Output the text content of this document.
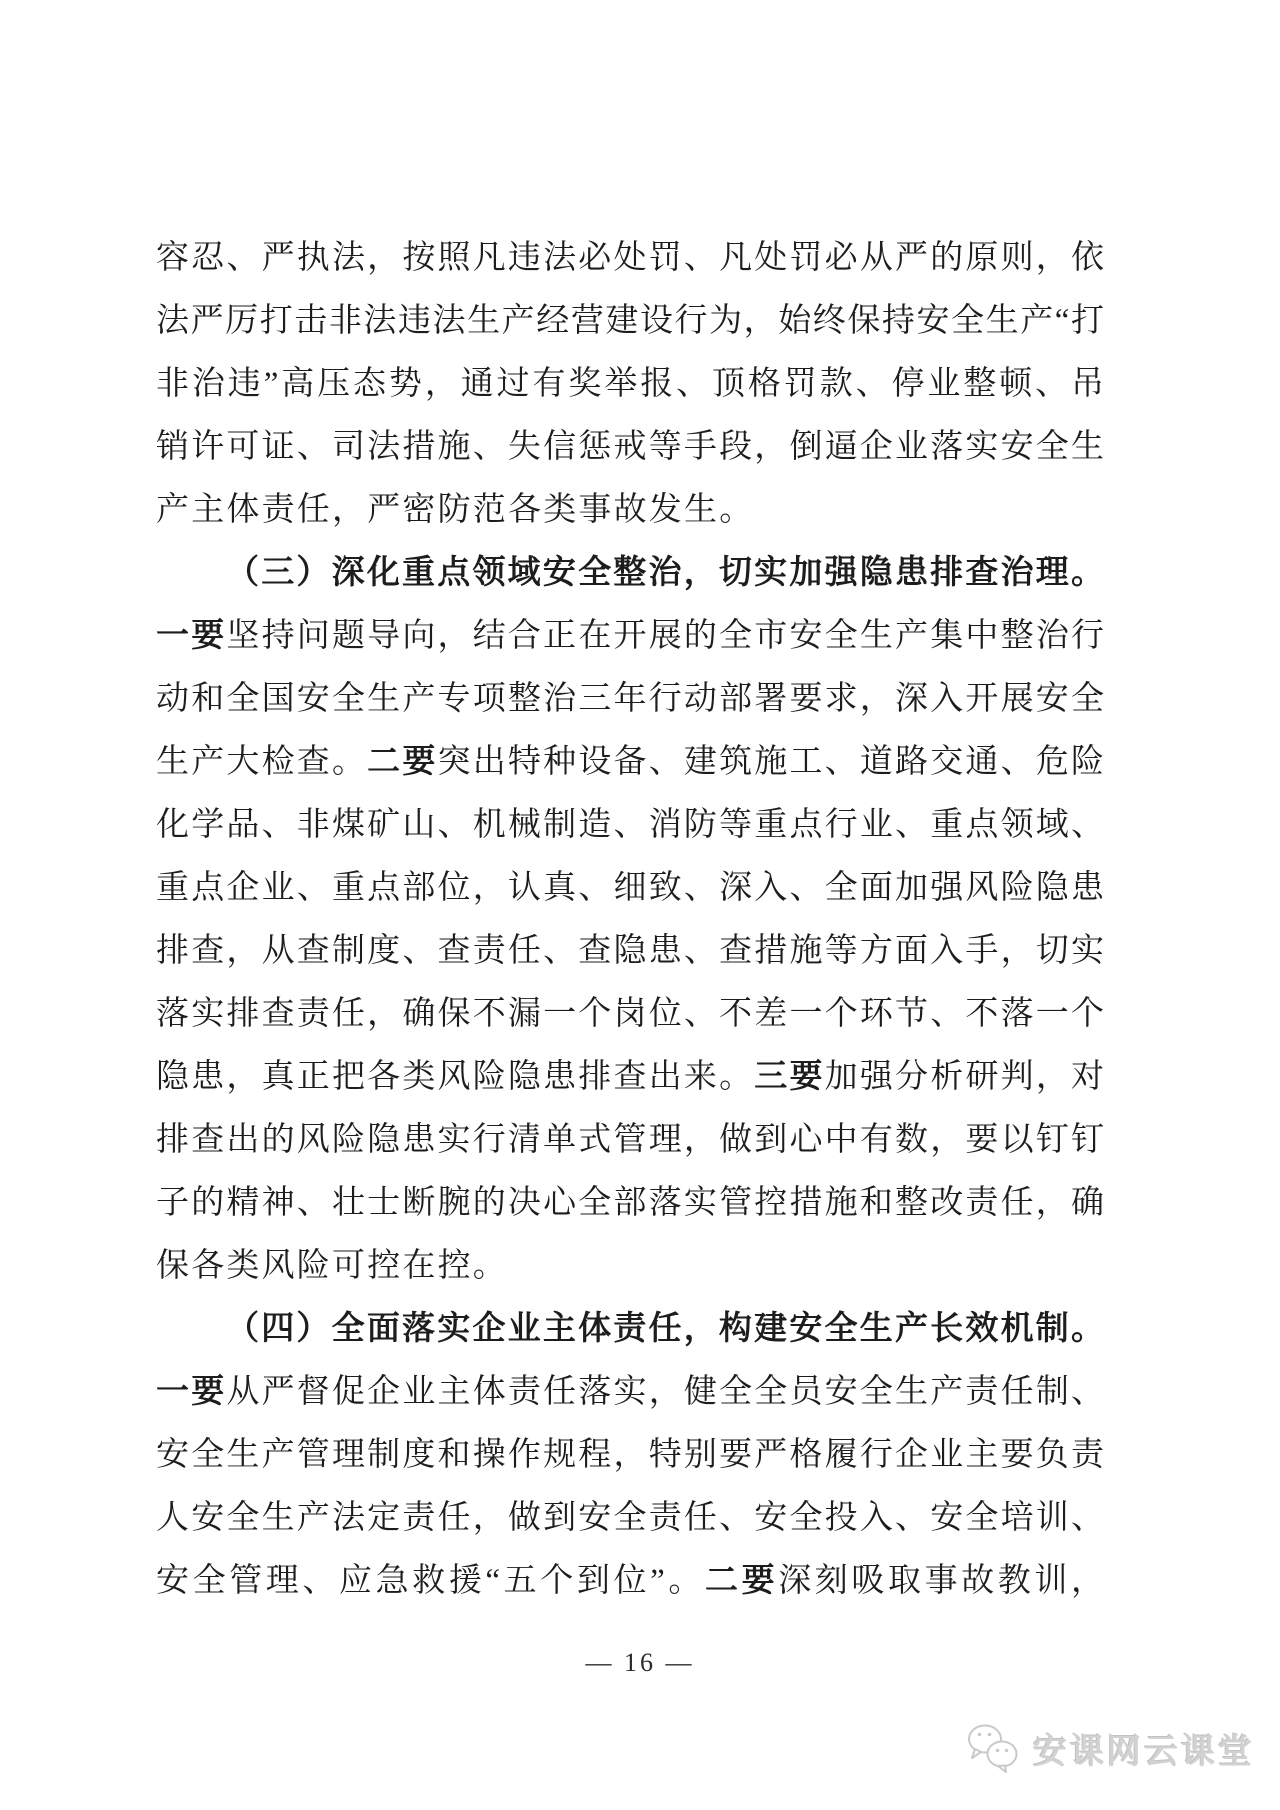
容忍、严执法，按照凡违法必处罚、凡处罚必从严的原则，依
法严厉打击非法违法生产经营建设行为，始终保持安全生产“打
非治违”高压态势，通过有奖举报、顶格罚款、停业整顿、吊
销许可证、司法措施、失信惩戒等手段，倒逼企业落实安全生
产主体责任，严密防范各类事故发生。
（三）深化重点领域安全整治，切实加强隐患排查治理。
一要坚持问题导向，结合正在开展的全市安全生产集中整治行
动和全国安全生产专项整治三年行动部署要求，深入开展安全
生产大检查。二要突出特种设备、建筑施工、道路交通、危险
化学品、非煤矿山、机械制造、消防等重点行业、重点领域、
重点企业、重点部位，认真、细致、深入、全面加强风险隐患
排查，从查制度、查责任、查隐患、查措施等方面入手，切实
落实排查责任，确保不漏一个岗位、不差一个环节、不落一个
隐患，真正把各类风险隐患排查出来。三要加强分析研判，对
排查出的风险隐患实行清单式管理，做到心中有数，要以钉钉
子的精神、壮士断腕的决心全部落实管控措施和整改责任，确
保各类风险可控在控。
（四）全面落实企业主体责任，构建安全生产长效机制。
一要从严督促企业主体责任落实，健全全员安全生产责任制、
安全生产管理制度和操作规程，特别要严格履行企业主要负责
人安全生产法定责任，做到安全责任、安全投入、安全培训、
安全管理、应急救援“五个到位”。二要深刻吸取事故教训，
— 16 —
安课网云课堂
